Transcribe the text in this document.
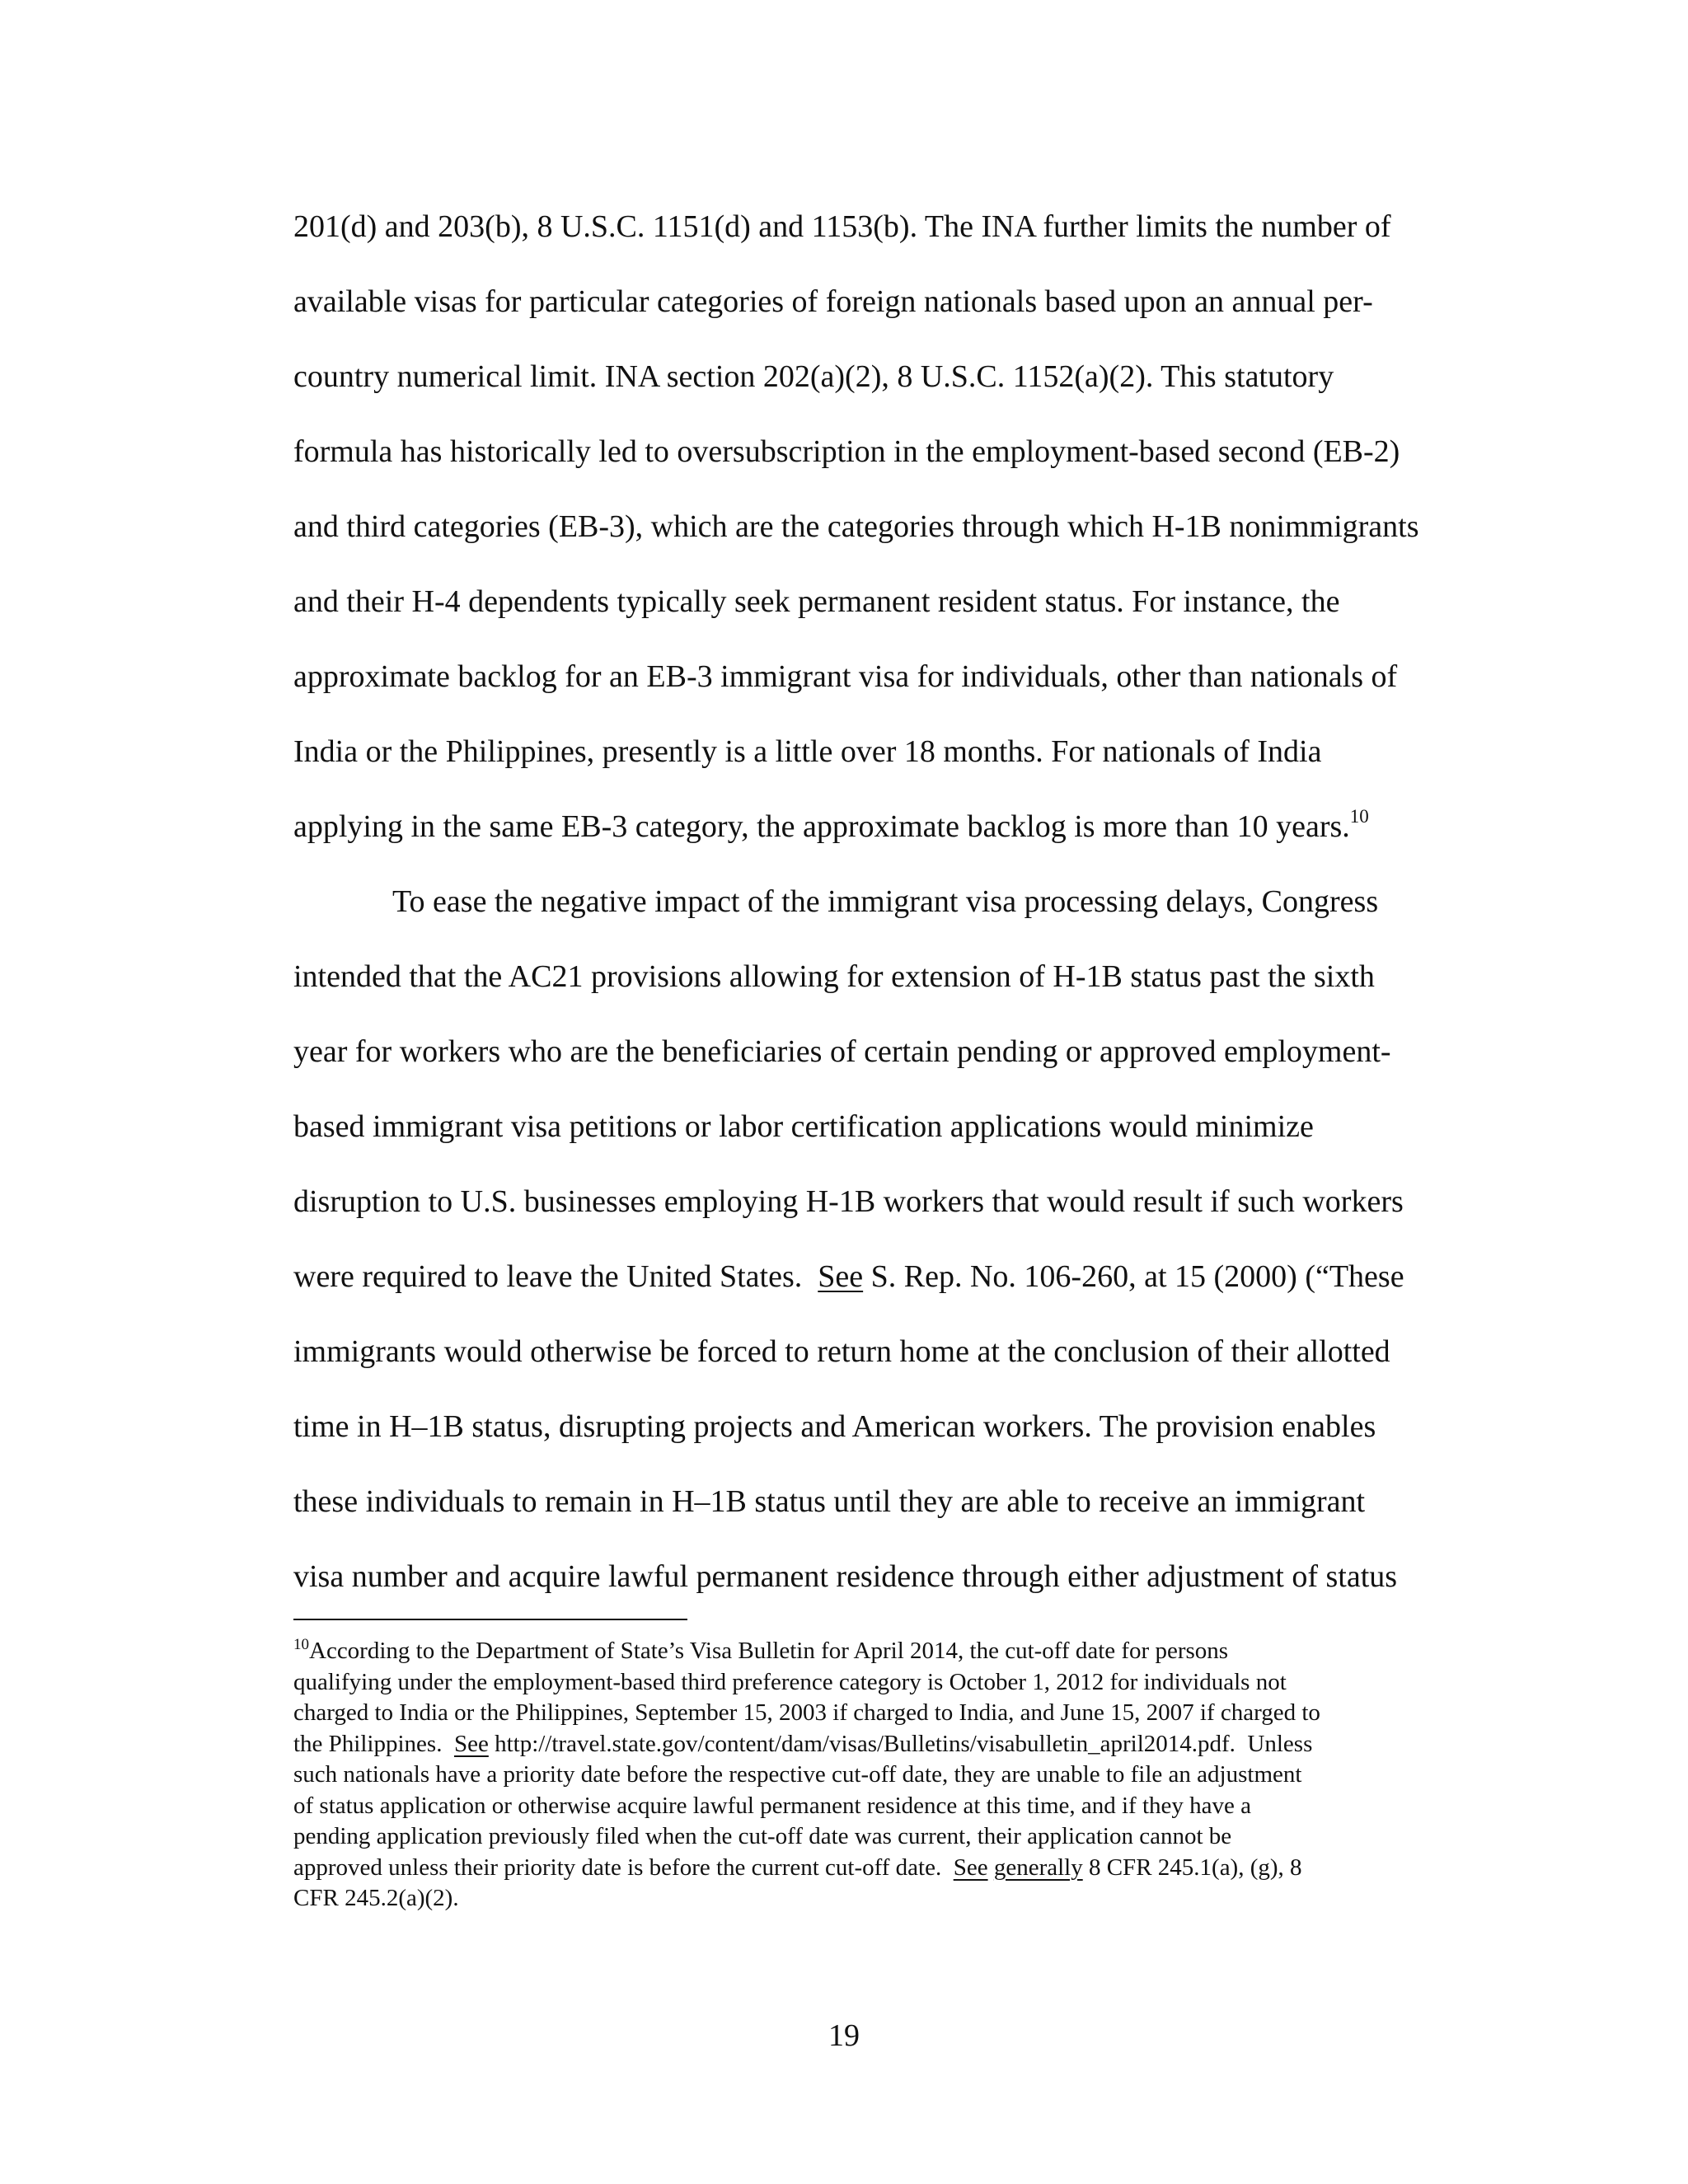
201(d) and 203(b), 8 U.S.C. 1151(d) and 1153(b). The INA further limits the number of
available visas for particular categories of foreign nationals based upon an annual per-
country numerical limit. INA section 202(a)(2), 8 U.S.C. 1152(a)(2). This statutory
formula has historically led to oversubscription in the employment-based second (EB-2)
and third categories (EB-3), which are the categories through which H-1B nonimmigrants
and their H-4 dependents typically seek permanent resident status. For instance, the
approximate backlog for an EB-3 immigrant visa for individuals, other than nationals of
India or the Philippines, presently is a little over 18 months. For nationals of India
applying in the same EB-3 category, the approximate backlog is more than 10 years.$^{10}$
To ease the negative impact of the immigrant visa processing delays, Congress
intended that the AC21 provisions allowing for extension of H-1B status past the sixth
year for workers who are the beneficiaries of certain pending or approved employment-
based immigrant visa petitions or labor certification applications would minimize
disruption to U.S. businesses employing H-1B workers that would result if such workers
were required to leave the United States.  See S. Rep. No. 106-260, at 15 (2000) (“These
immigrants would otherwise be forced to return home at the conclusion of their allotted
time in H–1B status, disrupting projects and American workers. The provision enables
these individuals to remain in H–1B status until they are able to receive an immigrant
visa number and acquire lawful permanent residence through either adjustment of status
$^{10}$According to the Department of State’s Visa Bulletin for April 2014, the cut-off date for persons
qualifying under the employment-based third preference category is October 1, 2012 for individuals not
charged to India or the Philippines, September 15, 2003 if charged to India, and June 15, 2007 if charged to
the Philippines.  See http://travel.state.gov/content/dam/visas/Bulletins/visabulletin_april2014.pdf.  Unless
such nationals have a priority date before the respective cut-off date, they are unable to file an adjustment
of status application or otherwise acquire lawful permanent residence at this time, and if they have a
pending application previously filed when the cut-off date was current, their application cannot be
approved unless their priority date is before the current cut-off date.  See generally 8 CFR 245.1(a), (g), 8
CFR 245.2(a)(2).
19
